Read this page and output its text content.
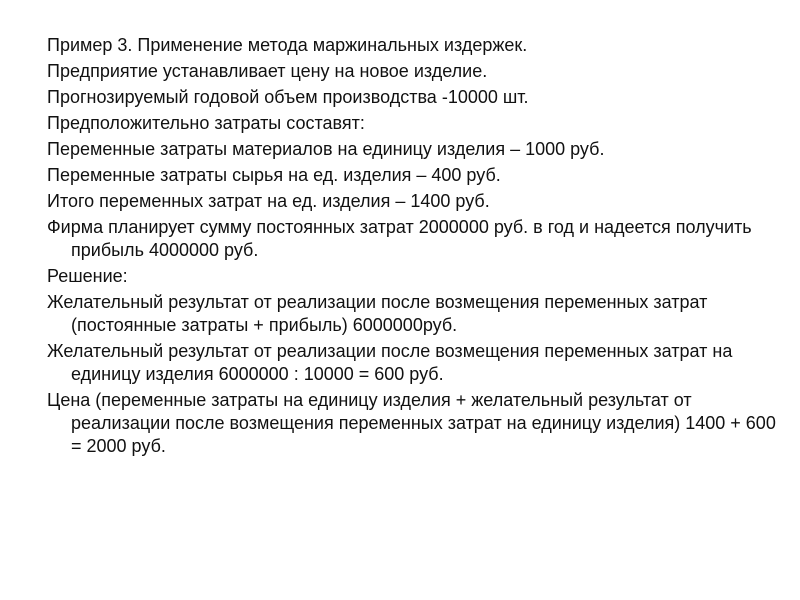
Пример 3. Применение метода маржинальных издержек.

Предприятие устанавливает цену на новое изделие.

Прогнозируемый годовой объем производства -10000 шт.

Предположительно затраты составят:

Переменные затраты материалов на единицу изделия – 1000 руб.

Переменные затраты сырья на ед. изделия – 400 руб.

Итого переменных затрат на ед. изделия – 1400 руб.

Фирма планирует сумму постоянных затрат 2000000 руб. в год и надеется получить прибыль 4000000 руб.

Решение:

Желательный результат от реализации после возмещения переменных затрат (постоянные затраты + прибыль) 6000000руб.

Желательный результат от реализации после возмещения переменных затрат на единицу изделия 6000000 : 10000 = 600 руб.

Цена (переменные затраты на единицу изделия + желательный результат от реализации после возмещения переменных затрат на единицу изделия) 1400 + 600 = 2000 руб.
